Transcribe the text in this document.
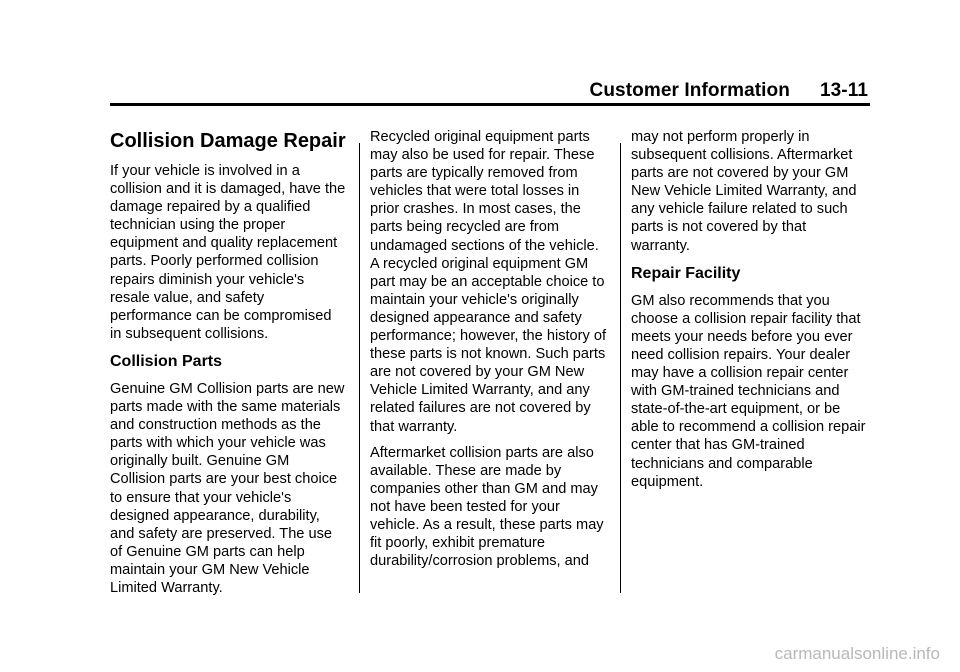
Customer Information 13-11
Collision Damage Repair

If your vehicle is involved in a
collision and it is damaged, have the
damage repaired by a qualified
technician using the proper
equipment and quality replacement
parts. Poorly performed collision
repairs diminish your vehicle's
resale value, and safety
performance can be compromised
in subsequent collisions.

Collision Parts

Genuine GM Collision parts are new
parts made with the same materials
and construction methods as the
parts with which your vehicle was
originally built. Genuine GM
Collision parts are your best choice
to ensure that your vehicle's
designed appearance, durability,
and safety are preserved. The use
of Genuine GM parts can help
maintain your GM New Vehicle
Limited Warranty.

Recycled original equipment parts
may also be used for repair. These
parts are typically removed from
vehicles that were total losses in
prior crashes. In most cases, the
parts being recycled are from
undamaged sections of the vehicle.
A recycled original equipment GM
part may be an acceptable choice to
maintain your vehicle's originally
designed appearance and safety
performance; however, the history of
these parts is not known. Such parts
are not covered by your GM New
Vehicle Limited Warranty, and any
related failures are not covered by
that warranty.

Aftermarket collision parts are also
available. These are made by
companies other than GM and may
not have been tested for your
vehicle. As a result, these parts may
fit poorly, exhibit premature
durability/corrosion problems, and

may not perform properly in
subsequent collisions. Aftermarket
parts are not covered by your GM
New Vehicle Limited Warranty, and
any vehicle failure related to such
parts is not covered by that
warranty.

Repair Facility

GM also recommends that you
choose a collision repair facility that
meets your needs before you ever
need collision repairs. Your dealer
may have a collision repair center
with GM-trained technicians and
state-of-the-art equipment, or be
able to recommend a collision repair
center that has GM-trained
technicians and comparable
equipment.

carmanualsonline.info
